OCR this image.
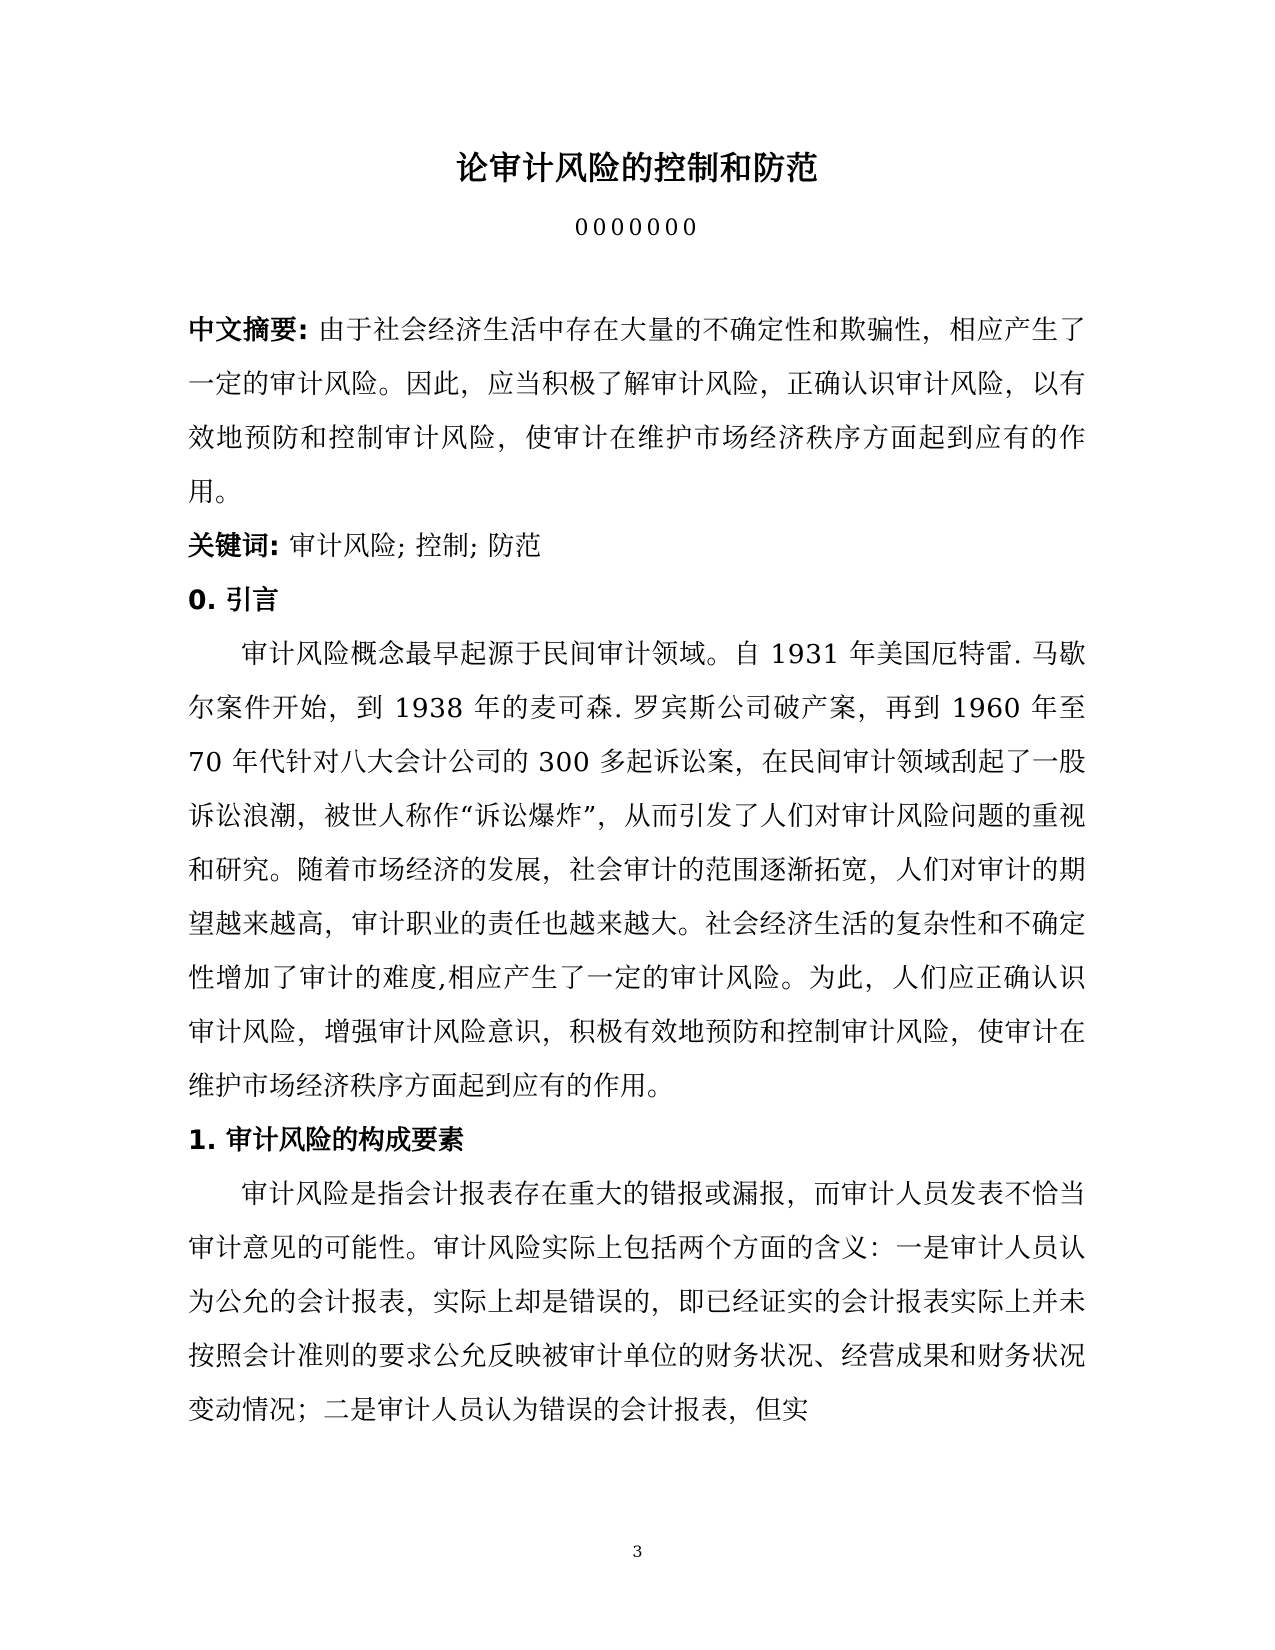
论审计风险的控制和防范
0000000

中文摘要: 由于社会经济生活中存在大量的不确定性和欺骗性，相应产生了一定的审计风险。因此，应当积极了解审计风险，正确认识审计风险，以有效地预防和控制审计风险，使审计在维护市场经济秩序方面起到应有的作用。

关键词: 审计风险; 控制; 防范

0. 引言

审计风险概念最早起源于民间审计领域。自 1931 年美国厄特雷. 马歇尔案件开始，到 1938 年的麦可森. 罗宾斯公司破产案，再到 1960 年至 70 年代针对八大会计公司的 300 多起诉讼案，在民间审计领域刮起了一股诉讼浪潮，被世人称作“诉讼爆炸”，从而引发了人们对审计风险问题的重视和研究。随着市场经济的发展，社会审计的范围逐渐拓宽，人们对审计的期望越来越高，审计职业的责任也越来越大。社会经济生活的复杂性和不确定性增加了审计的难度,相应产生了一定的审计风险。为此，人们应正确认识审计风险，增强审计风险意识，积极有效地预防和控制审计风险，使审计在维护市场经济秩序方面起到应有的作用。

1. 审计风险的构成要素

审计风险是指会计报表存在重大的错报或漏报，而审计人员发表不恰当审计意见的可能性。审计风险实际上包括两个方面的含义：一是审计人员认为公允的会计报表，实际上却是错误的，即已经证实的会计报表实际上并未按照会计准则的要求公允反映被审计单位的财务状况、经营成果和财务状况变动情况；二是审计人员认为错误的会计报表，但实

3
